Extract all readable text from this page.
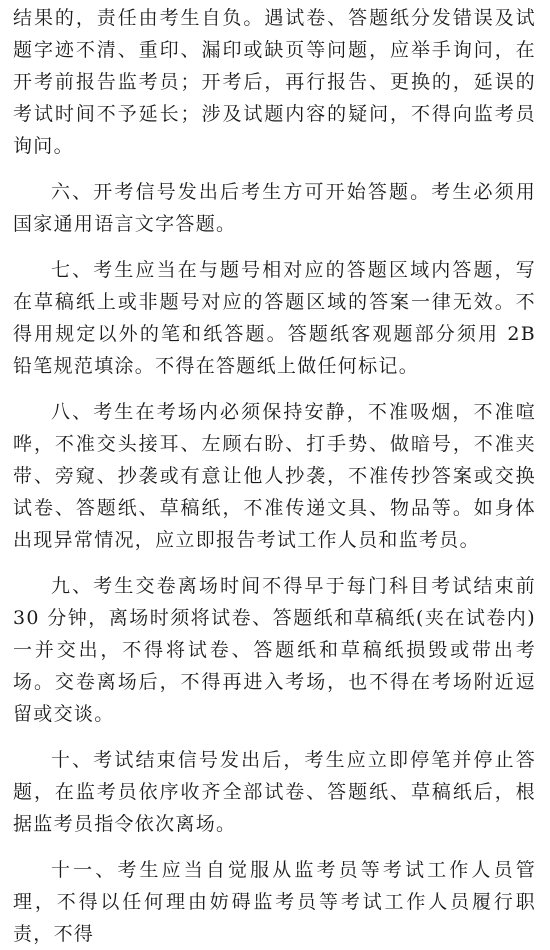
结果的，责任由考生自负。遇试卷、答题纸分发错误及试题字迹不清、重印、漏印或缺页等问题，应举手询问，在开考前报告监考员；开考后，再行报告、更换的，延误的考试时间不予延长；涉及试题内容的疑问，不得向监考员询问。

六、开考信号发出后考生方可开始答题。考生必须用国家通用语言文字答题。

七、考生应当在与题号相对应的答题区域内答题，写在草稿纸上或非题号对应的答题区域的答案一律无效。不得用规定以外的笔和纸答题。答题纸客观题部分须用 2B 铅笔规范填涂。不得在答题纸上做任何标记。

八、考生在考场内必须保持安静，不准吸烟，不准喧哗，不准交头接耳、左顾右盼、打手势、做暗号，不准夹带、旁窥、抄袭或有意让他人抄袭，不准传抄答案或交换试卷、答题纸、草稿纸，不准传递文具、物品等。如身体出现异常情况，应立即报告考试工作人员和监考员。

九、考生交卷离场时间不得早于每门科目考试结束前 30 分钟，离场时须将试卷、答题纸和草稿纸(夹在试卷内) 一并交出，不得将试卷、答题纸和草稿纸损毁或带出考场。交卷离场后，不得再进入考场，也不得在考场附近逗留或交谈。

十、考试结束信号发出后，考生应立即停笔并停止答题，在监考员依序收齐全部试卷、答题纸、草稿纸后，根据监考员指令依次离场。

十一、考生应当自觉服从监考员等考试工作人员管理，不得以任何理由妨碍监考员等考试工作人员履行职责，不得
